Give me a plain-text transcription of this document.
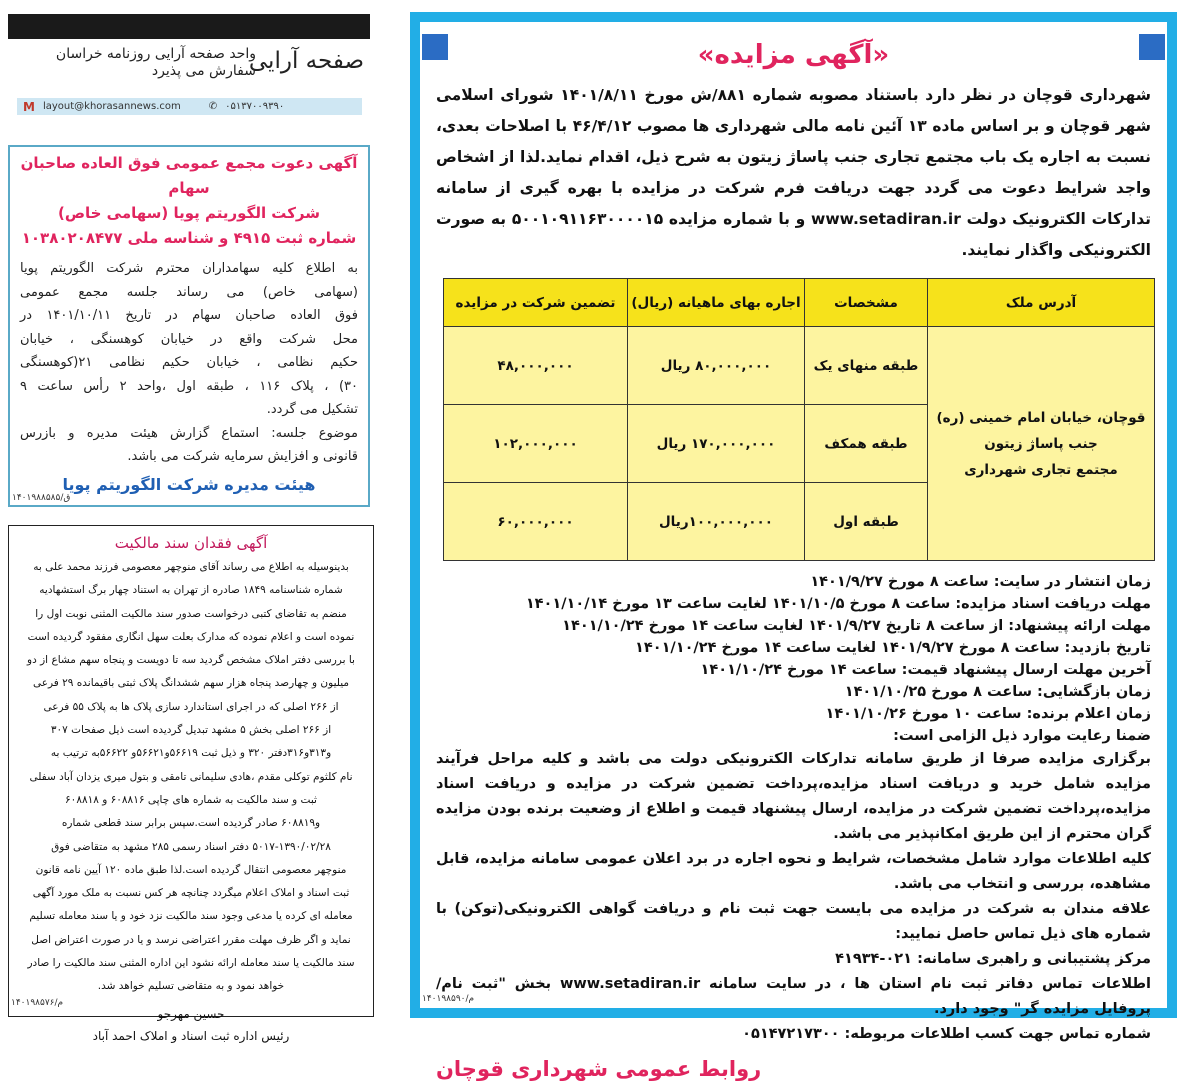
صفحه آرایی
واحد صفحه آرایی روزنامه خراسان
سفارش می پذیرد
M layout@khorasannews.com	✆ ۰۵۱۳۷۰۰۹۳۹۰
آگهی دعوت مجمع عمومی فوق العاده صاحبان سهام
شرکت الگوریتم پویا (سهامی خاص)
شماره ثبت ۴۹۱۵ و شناسه ملی ۱۰۳۸۰۲۰۸۴۷۷
به اطلاع کلیه سهامداران محترم شرکت الگوریتم پویا
(سهامی خاص) می رساند جلسه مجمع عمومی
فوق العاده صاحبان سهام در تاریخ ۱۴۰۱/۱۰/۱۱ در
محل شرکت واقع در خیابان کوهسنگی ، خیابان
حکیم نظامی ، خیابان حکیم نظامی ۲۱(کوهسنگی
۳۰) ، پلاک ۱۱۶ ، طبقه اول ،واحد ۲ رأس ساعت ۹
تشکیل می گردد.
موضوع جلسه: استماع گزارش هیئت مدیره و بازرس
قانونی و افزایش سرمایه شرکت می باشد.
هیئت مدیره شرکت الگوریتم پویا
ق/۱۴۰۱۹۸۸۵۸۵
آگهی فقدان سند مالکیت
بدینوسیله به اطلاع می رساند آقای منوچهر معصومی فرزند محمد علی به
شماره شناسنامه ۱۸۴۹ صادره از تهران به استناد چهار برگ استشهادیه
منضم به تقاضای کتبی درخواست صدور سند مالکیت المثنی نوبت اول را
نموده است و اعلام نموده که مدارک بعلت سهل انگاری مفقود گردیده است
با بررسی دفتر املاک مشخص گردید سه تا دویست و پنجاه سهم مشاع از دو
میلیون و چهارصد پنجاه هزار سهم ششدانگ پلاک ثبتی باقیمانده ۲۹ فرعی
از ۲۶۶ اصلی که در اجرای استاندارد سازی پلاک ها به پلاک ۵۵ فرعی
از ۲۶۶ اصلی بخش ۵ مشهد تبدیل گردیده است ذیل صفحات ۳۰۷
و۳۱۳و۳۱۶دفتر ۳۲۰ و ذیل ثبت ۵۶۶۱۹و۵۶۶۲۱و ۵۶۶۲۲به ترتیب به
نام کلثوم توکلی مقدم ،هادی سلیمانی تامقی و بتول میری یزدان آباد سفلی
ثبت و سند مالکیت به شماره های چاپی ۶۰۸۸۱۶ و ۶۰۸۸۱۸
و۶۰۸۸۱۹ صادر گردیده است.سپس برابر سند قطعی شماره
۵۰۱۷-۱۳۹۰/۰۲/۲۸ دفتر اسناد رسمی ۲۸۵ مشهد به متقاضی فوق
منوچهر معصومی انتقال گردیده است.لذا طبق ماده ۱۲۰ آیین نامه قانون
ثبت اسناد و املاک اعلام میگردد چنانچه هر کس نسبت به ملک مورد آگهی
معامله ای کرده یا مدعی وجود سند مالکیت نزد خود و یا سند معامله تسلیم
نماید و اگر ظرف مهلت مقرر اعتراضی نرسد و یا در صورت اعتراض اصل
سند مالکیت یا سند معامله ارائه نشود این اداره المثنی سند مالکیت را صادر
خواهد نمود و به متقاضی تسلیم خواهد شد.
حسین مهرجو
رئیس اداره ثبت اسناد و املاک احمد آباد
م/۱۴۰۱۹۸۵۷۶
«آگهی مزایده»

شهرداری قوچان در نظر دارد باستناد مصوبه شماره ۸۸۱/ش مورخ ۱۴۰۱/۸/۱۱ شورای اسلامی شهر قوچان و بر اساس ماده ۱۳ آئین نامه مالی شهرداری ها مصوب ۴۶/۴/۱۲ با اصلاحات بعدی، نسبت به اجاره یک باب مجتمع تجاری جنب پاساژ زیتون به شرح ذیل، اقدام نماید.لذا از اشخاص واجد شرایط دعوت می گردد جهت دریافت فرم شرکت در مزایده با بهره گیری از سامانه تدارکات الکترونیک دولت www.setadiran.ir و با شماره مزایده ۵۰۰۱۰۹۱۱۶۳۰۰۰۰۱۵ به صورت الکترونیکی واگذار نمایند.

آدرس ملک	مشخصات	اجاره بهای ماهیانه (ریال)	تضمین شرکت در مزایده

قوچان، خیابان امام خمینی (ره)
جنب پاساژ زیتون
مجتمع تجاری شهرداری	طبقه منهای یک	۸۰,۰۰۰,۰۰۰ ریال	۴۸,۰۰۰,۰۰۰
	طبقه همکف	۱۷۰,۰۰۰,۰۰۰ ریال	۱۰۲,۰۰۰,۰۰۰
	طبقه اول	۱۰۰,۰۰۰,۰۰۰ریال	۶۰,۰۰۰,۰۰۰
زمان انتشار در سایت: ساعت ۸ مورخ ۱۴۰۱/۹/۲۷
مهلت دریافت اسناد مزایده: ساعت ۸ مورخ ۱۴۰۱/۱۰/۵ لغایت ساعت ۱۳ مورخ ۱۴۰۱/۱۰/۱۴
مهلت ارائه پیشنهاد: از ساعت ۸ تاریخ ۱۴۰۱/۹/۲۷ لغایت ساعت ۱۴ مورخ ۱۴۰۱/۱۰/۲۴
تاریخ بازدید: ساعت ۸ مورخ ۱۴۰۱/۹/۲۷ لغایت ساعت ۱۴ مورخ ۱۴۰۱/۱۰/۲۴
آخرین مهلت ارسال پیشنهاد قیمت: ساعت ۱۴ مورخ ۱۴۰۱/۱۰/۲۴
زمان بازگشایی: ساعت ۸ مورخ ۱۴۰۱/۱۰/۲۵
زمان اعلام برنده: ساعت ۱۰ مورخ ۱۴۰۱/۱۰/۲۶
ضمنا رعایت موارد ذیل الزامی است:

برگزاری مزایده صرفا از طریق سامانه تدارکات الکترونیکی دولت می باشد و کلیه مراحل فرآیند مزایده شامل خرید و دریافت اسناد مزایده،پرداخت تضمین شرکت در مزایده و دریافت اسناد مزایده،پرداخت تضمین شرکت در مزایده، ارسال پیشنهاد قیمت و اطلاع از وضعیت برنده بودن مزایده گران محترم از این طریق امکانپذیر می باشد.

کلیه اطلاعات موارد شامل مشخصات، شرایط و نحوه اجاره در برد اعلان عمومی سامانه مزایده، قابل مشاهده، بررسی و انتخاب می باشد.

علاقه مندان به شرکت در مزایده می بایست جهت ثبت نام و دریافت گواهی الکترونیکی(توکن) با شماره های ذیل تماس حاصل نمایید:

مرکز پشتیبانی و راهبری سامانه: ۰۲۱-۴۱۹۳۴

اطلاعات تماس دفاتر ثبت نام استان ها ، در سایت سامانه www.setadiran.ir بخش "ثبت نام/پروفایل مزایده گر" وجود دارد.

شماره تماس جهت کسب اطلاعات مربوطه: ۰۵۱۴۷۲۱۷۳۰۰

روابط عمومی شهرداری قوچان
م/۱۴۰۱۹۸۵۹۰
